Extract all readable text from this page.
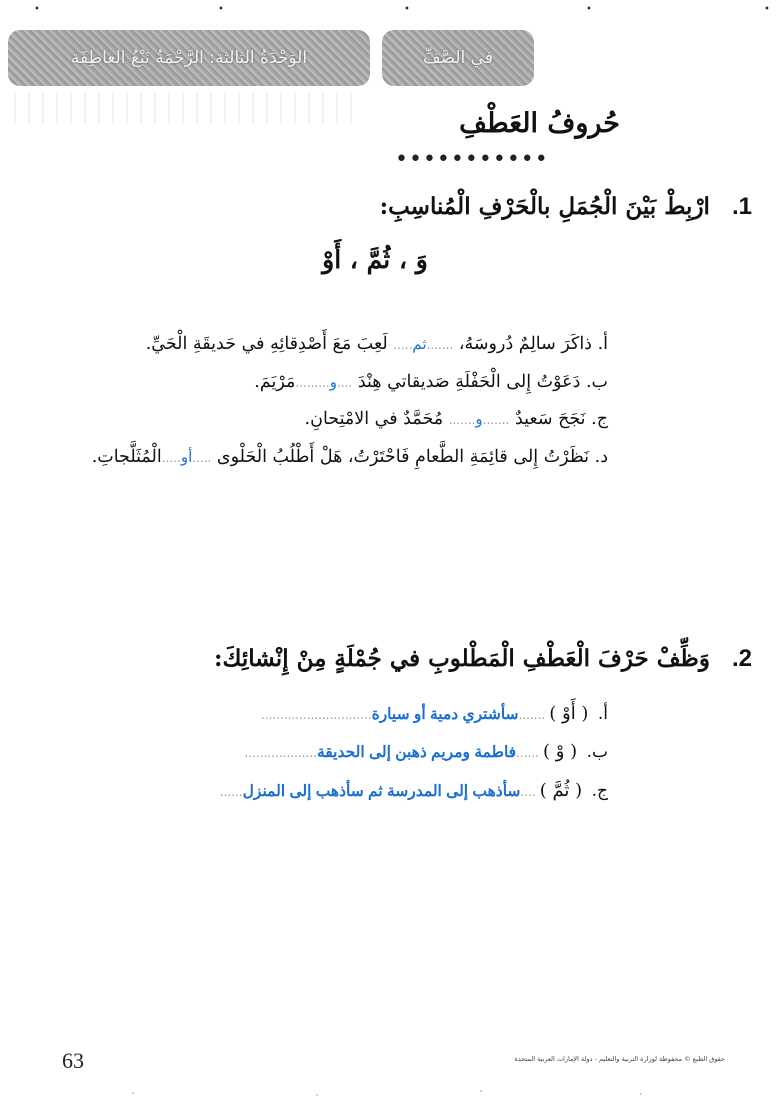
•	•	•	•	•
الوَحْدَةُ الثالثة: الرَّحْمَةُ نَبْعُ العاطِفَة	في الصَّفِّ
حُروفُ العَطْفِ
•••••••••••
1. ارْبِطْ بَيْنَ الْجُمَلِ بالْحَرْفِ الْمُناسِبِ:
وَ ، ثُمَّ ، أَوْ
أ. ذاكَرَ سالِمٌ دُروسَهُ، .......ثم..... لَعِبَ مَعَ أَصْدِقائِهِ في حَديقَةِ الْحَيِّ.
ب. دَعَوْتُ إِلى الْحَفْلَةِ صَديقاتي هِنْدَ ....و.........مَرْيَمَ.
ج. نَجَحَ سَعيدٌ .......و....... مُحَمَّدٌ في الامْتِحانِ.
د. نَظَرْتُ إِلى قائِمَةِ الطَّعامِ فَاحْتَرْتُ، هَلْ أَطْلُبُ الْحَلْوى .....أو.....الْمُثَلَّجاتِ.
2. وَظِّفْ حَرْفَ الْعَطْفِ الْمَطْلوبِ في جُمْلَةٍ مِنْ إِنْشائِكَ:
أ. ( أَوْ ).......سأشتري دمية أو سيارة.............................
ب. ( وْ )......فاطمة ومريم ذهبن إلى الحديقة...................
ج. ( ثُمَّ )....سأذهب إلى المدرسة ثم سأذهب إلى المنزل......
63	حقوق الطبع © محفوظة لوزارة التربية والتعليم - دولة الإمارات العربية المتحدة
